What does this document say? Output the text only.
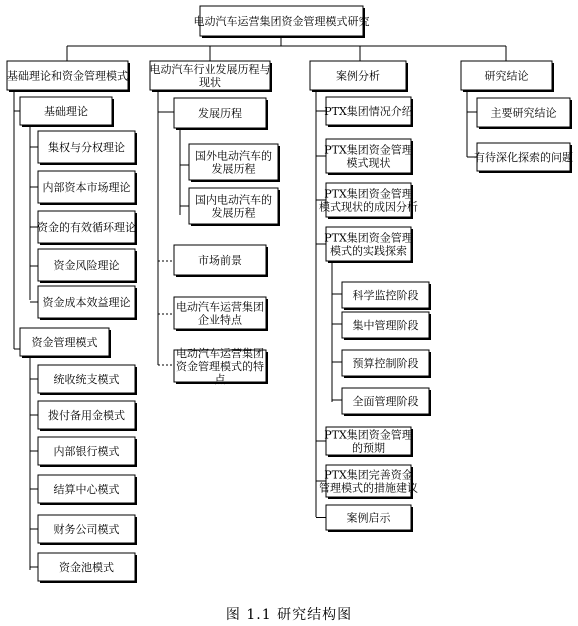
电动汽车运营集团资金管理模式研究
基础理论和资金管理模式 电动汽车行业发展历程与
现状	案例分析	研究结论
基础理论
资金管理模式
集权与分权理论
内部资本市场理论
资金的有效循环理论
资金风险理论
资金成本效益理论
统收统支模式
拨付备用金模式
内部银行模式
结算中心模式
财务公司模式
资金池模式
发展历程
国外电动汽车的
发展历程
国内电动汽车的
发展历程
市场前景
电动汽车运营集团
企业特点
电动汽车运营集团
资金管理模式的特
点
PTX集团情况介绍
PTX集团资金管理
模式现状
PTX集团资金管理
模式现状的成因分析
PTX集团资金管理
模式的实践探索
PTX集团资金管理
的预期
PTX集团完善资金
管理模式的措施建议
案例启示
科学监控阶段
集中管理阶段
预算控制阶段
全面管理阶段
主要研究结论
有待深化探索的问题
图 1.1 研究结构图
